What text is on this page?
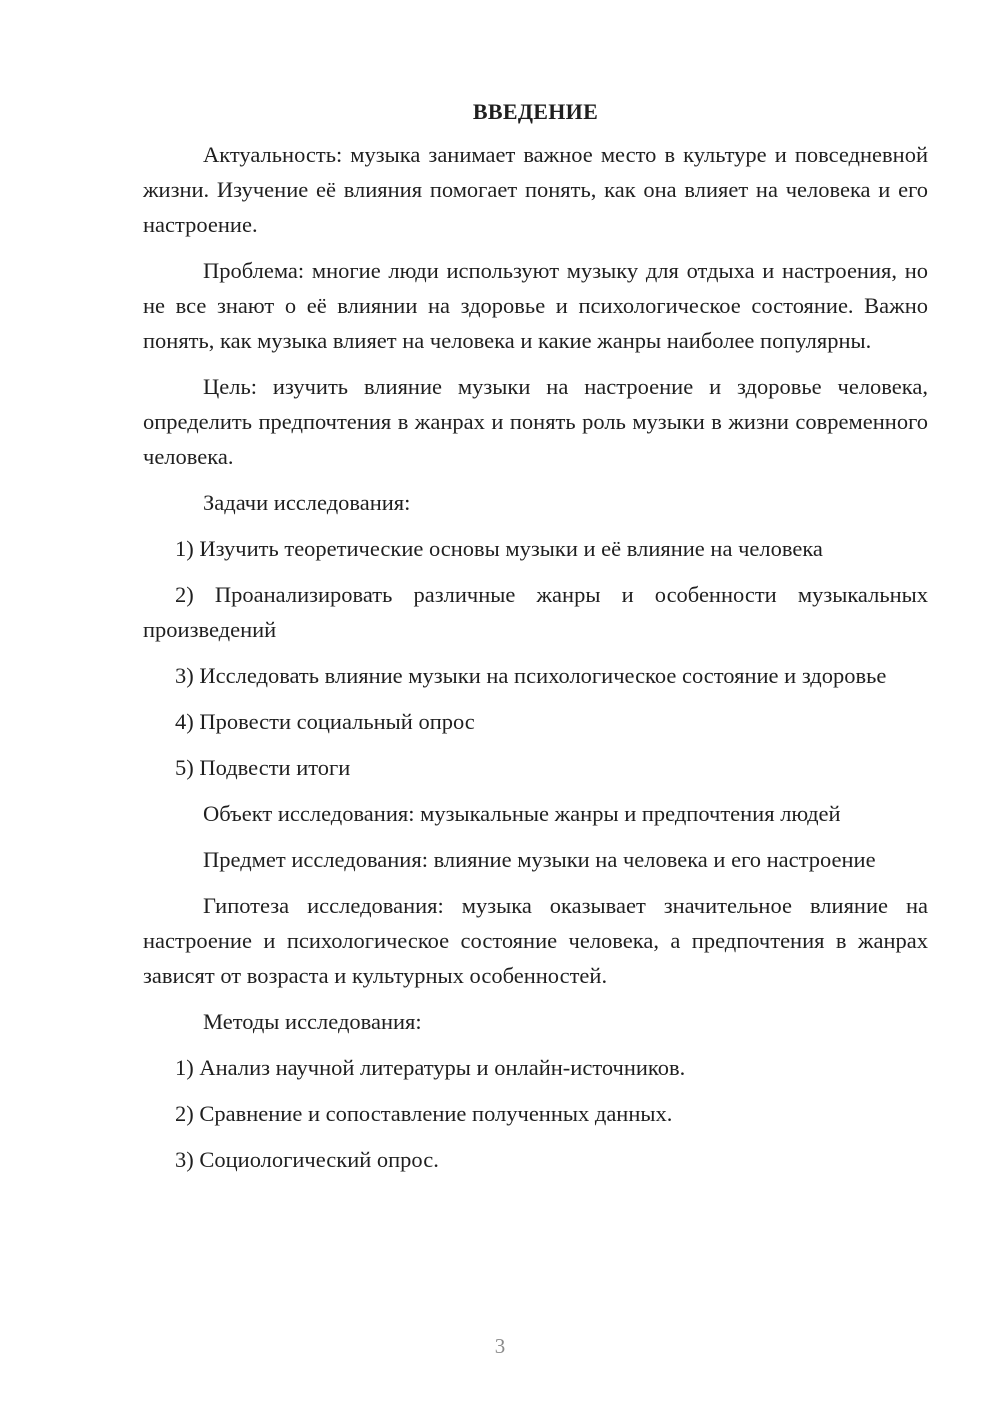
ВВЕДЕНИЕ

Актуальность: музыка занимает важное место в культуре и повседневной жизни. Изучение её влияния помогает понять, как она влияет на человека и его настроение.

Проблема: многие люди используют музыку для отдыха и настроения, но не все знают о её влиянии на здоровье и психологическое состояние. Важно понять, как музыка влияет на человека и какие жанры наиболее популярны.

Цель: изучить влияние музыки на настроение и здоровье человека, определить предпочтения в жанрах и понять роль музыки в жизни современного человека.

Задачи исследования:

1) Изучить теоретические основы музыки и её влияние на человека

2) Проанализировать различные жанры и особенности музыкальных произведений

3) Исследовать влияние музыки на психологическое состояние и здоровье

4) Провести социальный опрос

5) Подвести итоги

Объект исследования: музыкальные жанры и предпочтения людей

Предмет исследования: влияние музыки на человека и его настроение

Гипотеза исследования: музыка оказывает значительное влияние на настроение и психологическое состояние человека, а предпочтения в жанрах зависят от возраста и культурных особенностей.

Методы исследования:

1) Анализ научной литературы и онлайн-источников.

2) Сравнение и сопоставление полученных данных.

3) Социологический опрос.

3
